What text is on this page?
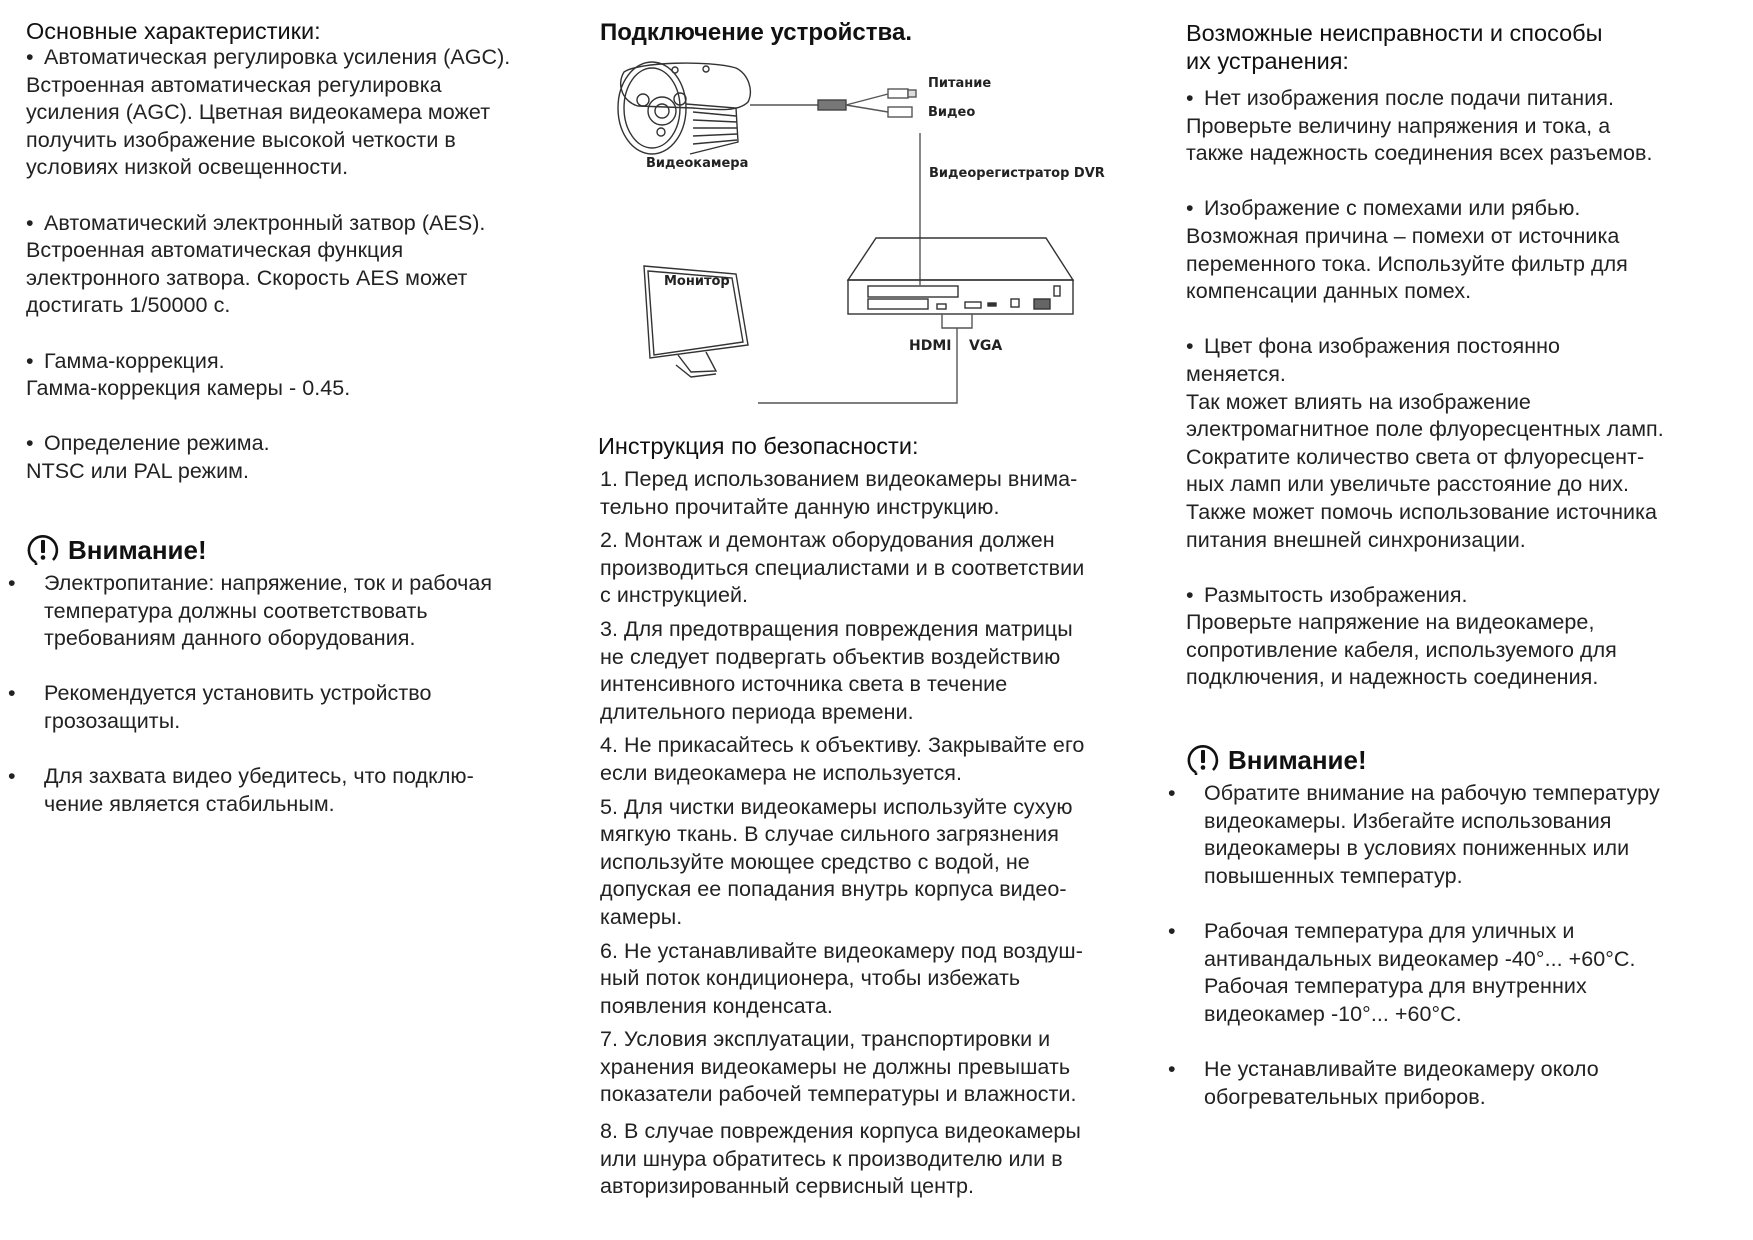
Основные характеристики:

• Автоматическая регулировка усиления (AGC).

Встроенная автоматическая регулировка

усиления (AGC). Цветная видеокамера может

получить изображение высокой четкости в

условиях низкой освещенности.

• Автоматический электронный затвор (AES).

Встроенная автоматическая функция

электронного затвора. Скорость AES может

достигать 1/50000 с.

• Гамма-коррекция.

Гамма-коррекция камеры - 0.45.

• Определение режима.

NTSC или PAL режим.

Внимание!

• Электропитание: напряжение, ток и рабочая

температура должны соответствовать

требованиям данного оборудования.

• Рекомендуется установить устройство

грозозащиты.

• Для захвата видео убедитесь, что подклю-

чение является стабильным.

Подключение устройства.
Видеокамера
Питание
Видео
Видеорегистратор DVR
Монитор
HDMI VGA
Инструкция по безопасности:

1. Перед использованием видеокамеры внима-

тельно прочитайте данную инструкцию.

2. Монтаж и демонтаж оборудования должен

производиться специалистами и в соответствии

с инструкцией.

3. Для предотвращения повреждения матрицы

не следует подвергать объектив воздействию

интенсивного источника света в течение

длительного периода времени.

4. Не прикасайтесь к объективу. Закрывайте его

если видеокамера не используется.

5. Для чистки видеокамеры используйте сухую

мягкую ткань. В случае сильного загрязнения

используйте моющее средство с водой, не

допуская ее попадания внутрь корпуса видео-

камеры.

6. Не устанавливайте видеокамеру под воздуш-

ный поток кондиционера, чтобы избежать

появления конденсата.

7. Условия эксплуатации, транспортировки и

хранения видеокамеры не должны превышать

показатели рабочей температуры и влажности.

8. В случае повреждения корпуса видеокамеры

или шнура обратитесь к производителю или в

авторизированный сервисный центр.

Возможные неисправности и способы
их устранения:

• Нет изображения после подачи питания.

Проверьте величину напряжения и тока, а

также надежность соединения всех разъемов.

• Изображение с помехами или рябью.

Возможная причина – помехи от источника

переменного тока. Используйте фильтр для

компенсации данных помех.

• Цвет фона изображения постоянно

меняется.

Так может влиять на изображение

электромагнитное поле флуоресцентных ламп.

Сократите количество света от флуоресцент-

ных ламп или увеличьте расстояние до них.

Также может помочь использование источника

питания внешней синхронизации.

• Размытость изображения.

Проверьте напряжение на видеокамере,

сопротивление кабеля, используемого для

подключения, и надежность соединения.

Внимание!

• Обратите внимание на рабочую температуру

видеокамеры. Избегайте использования

видеокамеры в условиях пониженных или

повышенных температур.

• Рабочая температура для уличных и

антивандальных видеокамер -40°... +60°C.

Рабочая температура для внутренних

видеокамер -10°... +60°C.

• Не устанавливайте видеокамеру около

обогревательных приборов.
